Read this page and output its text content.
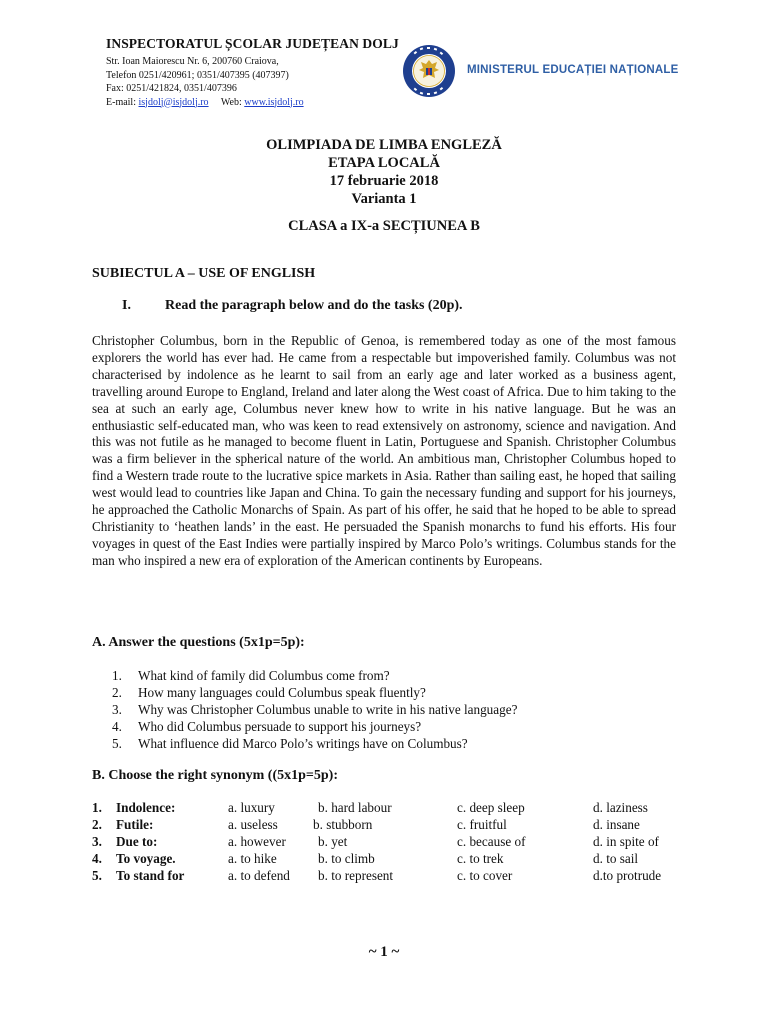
INSPECTORATUL ȘCOLAR JUDEȚEAN DOLJ
Str. Ioan Maiorescu Nr. 6, 200760 Craiova,
Telefon 0251/420961; 0351/407395 (407397)
Fax: 0251/421824, 0351/407396
E-mail: isjdolj@isjdolj.ro Web: www.isjdolj.ro
MINISTERUL EDUCAȚIEI NAȚIONALE
OLIMPIADA DE LIMBA ENGLEZĂ
ETAPA LOCALĂ
17 februarie 2018
Varianta 1
CLASA a IX-a SECȚIUNEA B
SUBIECTUL A – USE OF ENGLISH
I. Read the paragraph below and do the tasks (20p).
Christopher Columbus, born in the Republic of Genoa, is remembered today as one of the most famous explorers the world has ever had. He came from a respectable but impoverished family. Columbus was not characterised by indolence as he learnt to sail from an early age and later worked as a business agent, travelling around Europe to England, Ireland and later along the West coast of Africa. Due to him taking to the sea at such an early age, Columbus never knew how to write in his native language. But he was an enthusiastic self-educated man, who was keen to read extensively on astronomy, science and navigation. And this was not futile as he managed to become fluent in Latin, Portuguese and Spanish. Christopher Columbus was a firm believer in the spherical nature of the world. An ambitious man, Christopher Columbus hoped to find a Western trade route to the lucrative spice markets in Asia. Rather than sailing east, he hoped that sailing west would lead to countries like Japan and China. To gain the necessary funding and support for his journeys, he approached the Catholic Monarchs of Spain. As part of his offer, he said that he hoped to be able to spread Christianity to ‘heathen lands’ in the east. He persuaded the Spanish monarchs to fund his efforts. His four voyages in quest of the East Indies were partially inspired by Marco Polo’s writings. Columbus stands for the man who inspired a new era of exploration of the American continents by Europeans.
A. Answer the questions (5x1p=5p):
1. What kind of family did Columbus come from?
2. How many languages could Columbus speak fluently?
3. Why was Christopher Columbus unable to write in his native language?
4. Who did Columbus persuade to support his journeys?
5. What influence did Marco Polo’s writings have on Columbus?
B. Choose the right synonym ((5x1p=5p):
1. Indolence:	a. luxury	b. hard labour	c. deep sleep	d. laziness
2. Futile:	a. useless	b. stubborn	c. fruitful	d. insane
3. Due to:	a. however b. yet	c. because of	d. in spite of
4. To voyage.	a. to hike	b. to climb	c. to trek	d. to sail
5. To stand for	a. to defend b. to represent	c. to cover	d.to protrude
~ 1 ~
